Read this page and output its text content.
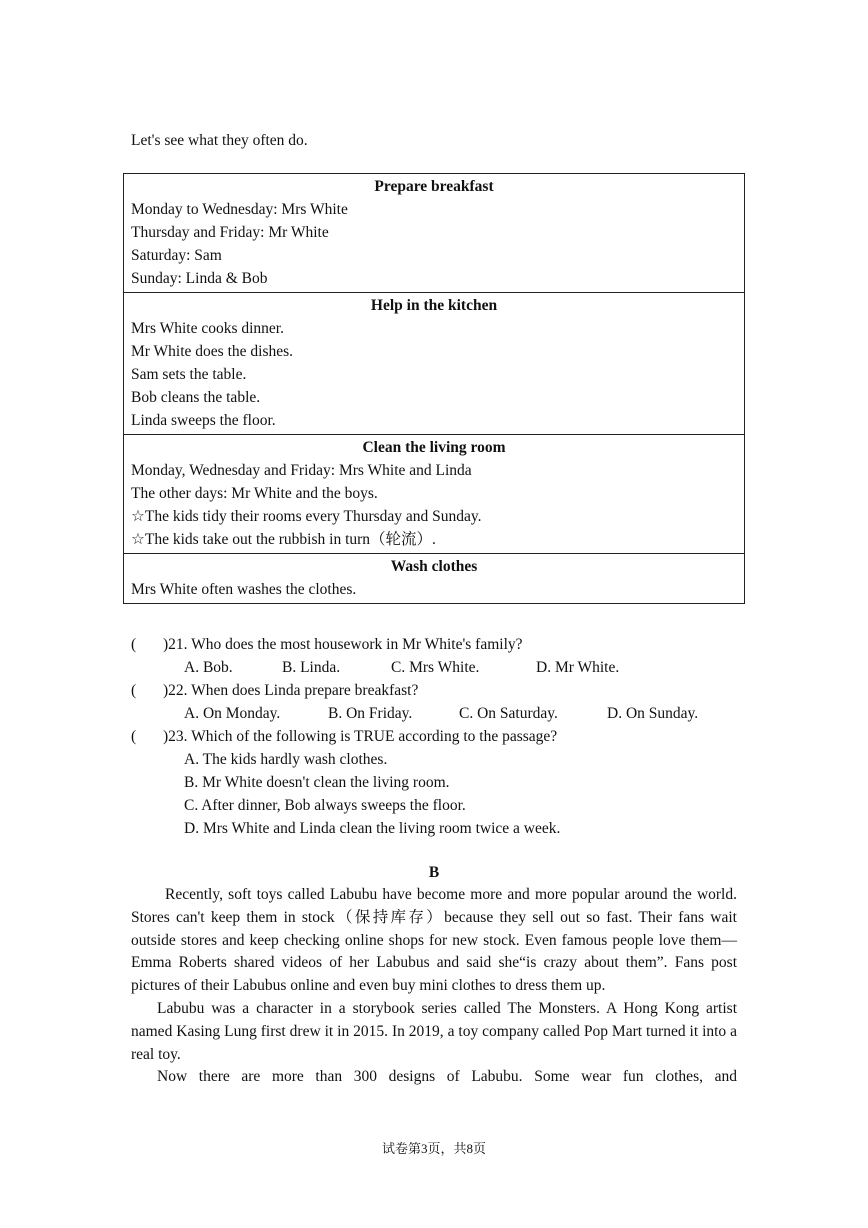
Let's see what they often do.
Prepare breakfast
Monday to Wednesday: Mrs White
Thursday and Friday: Mr White
Saturday: Sam
Sunday: Linda & Bob
Help in the kitchen
Mrs White cooks dinner.
Mr White does the dishes.
Sam sets the table.
Bob cleans the table.
Linda sweeps the floor.
Clean the living room
Monday, Wednesday and Friday: Mrs White and Linda
The other days: Mr White and the boys.
☆The kids tidy their rooms every Thursday and Sunday.
☆The kids take out the rubbish in turn（轮流）.
Wash clothes
Mrs White often washes the clothes.
(	)21. Who does the most housework in Mr White's family?
A. Bob.	B. Linda.	C. Mrs White.	D. Mr White.
(	)22. When does Linda prepare breakfast?
A. On Monday.	B. On Friday.	C. On Saturday.	D. On Sunday.
(	)23. Which of the following is TRUE according to the passage?
A. The kids hardly wash clothes.
B. Mr White doesn't clean the living room.
C. After dinner, Bob always sweeps the floor.
D. Mrs White and Linda clean the living room twice a week.
B

Recently, soft toys called Labubu have become more and more popular around the world. Stores can't keep them in stock（保持库存）because they sell out so fast. Their fans wait outside stores and keep checking online shops for new stock. Even famous people love them— Emma Roberts shared videos of her Labubus and said she“is crazy about them”. Fans post pictures of their Labubus online and even buy mini clothes to dress them up.

Labubu was a character in a storybook series called The Monsters. A Hong Kong artist named Kasing Lung first drew it in 2015. In 2019, a toy company called Pop Mart turned it into a real toy.

Now there are more than 300 designs of Labubu. Some wear fun clothes, and

试卷第3页，共8页
